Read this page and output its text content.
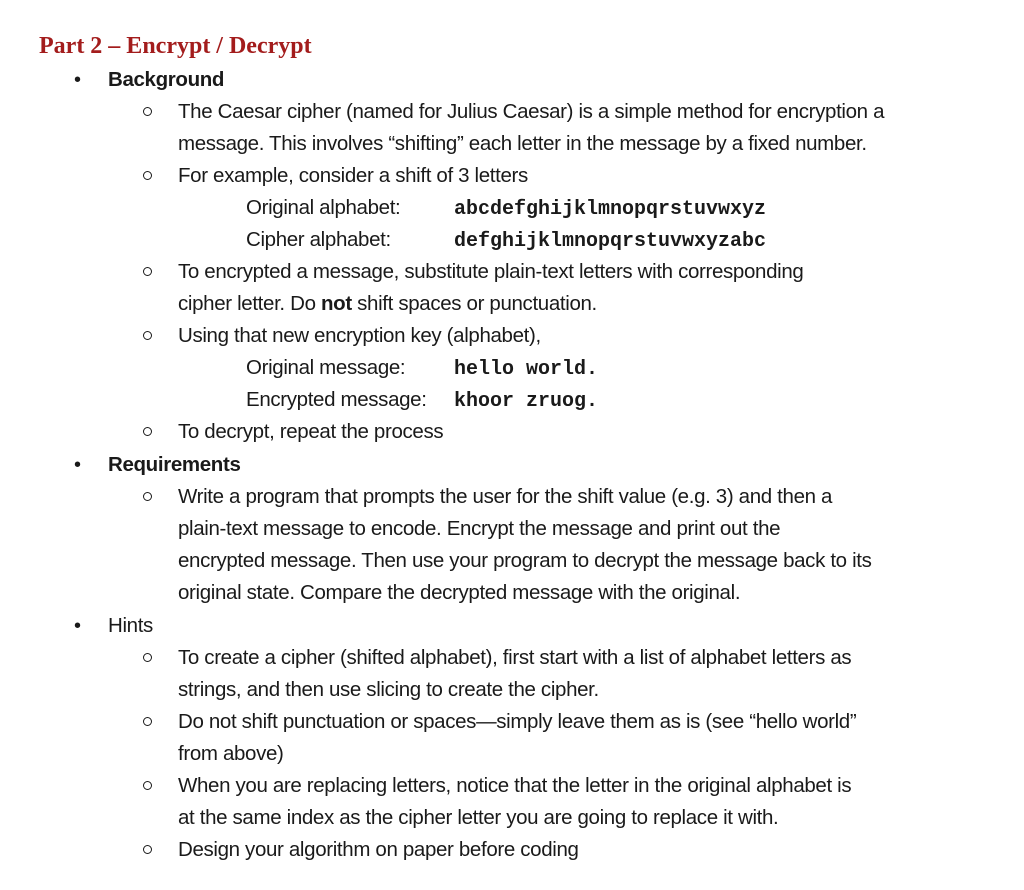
Part 2 – Encrypt / Decrypt
• Background
The Caesar cipher (named for Julius Caesar) is a simple method for encryption a
message. This involves “shifting” each letter in the message by a fixed number.
For example, consider a shift of 3 letters
Original alphabet:	abcdefghijklmnopqrstuvwxyz
Cipher alphabet:	defghijklmnopqrstuvwxyzabc
To encrypted a message, substitute plain-text letters with corresponding
cipher letter. Do not shift spaces or punctuation.
Using that new encryption key (alphabet),
Original message: hello world.
Encrypted message: khoor zruog.
To decrypt, repeat the process
• Requirements
Write a program that prompts the user for the shift value (e.g. 3) and then a
plain-text message to encode. Encrypt the message and print out the
encrypted message. Then use your program to decrypt the message back to its
original state. Compare the decrypted message with the original.
• Hints
To create a cipher (shifted alphabet), first start with a list of alphabet letters as
strings, and then use slicing to create the cipher.
Do not shift punctuation or spaces—simply leave them as is (see “hello world”
from above)
When you are replacing letters, notice that the letter in the original alphabet is
at the same index as the cipher letter you are going to replace it with.
Design your algorithm on paper before coding
